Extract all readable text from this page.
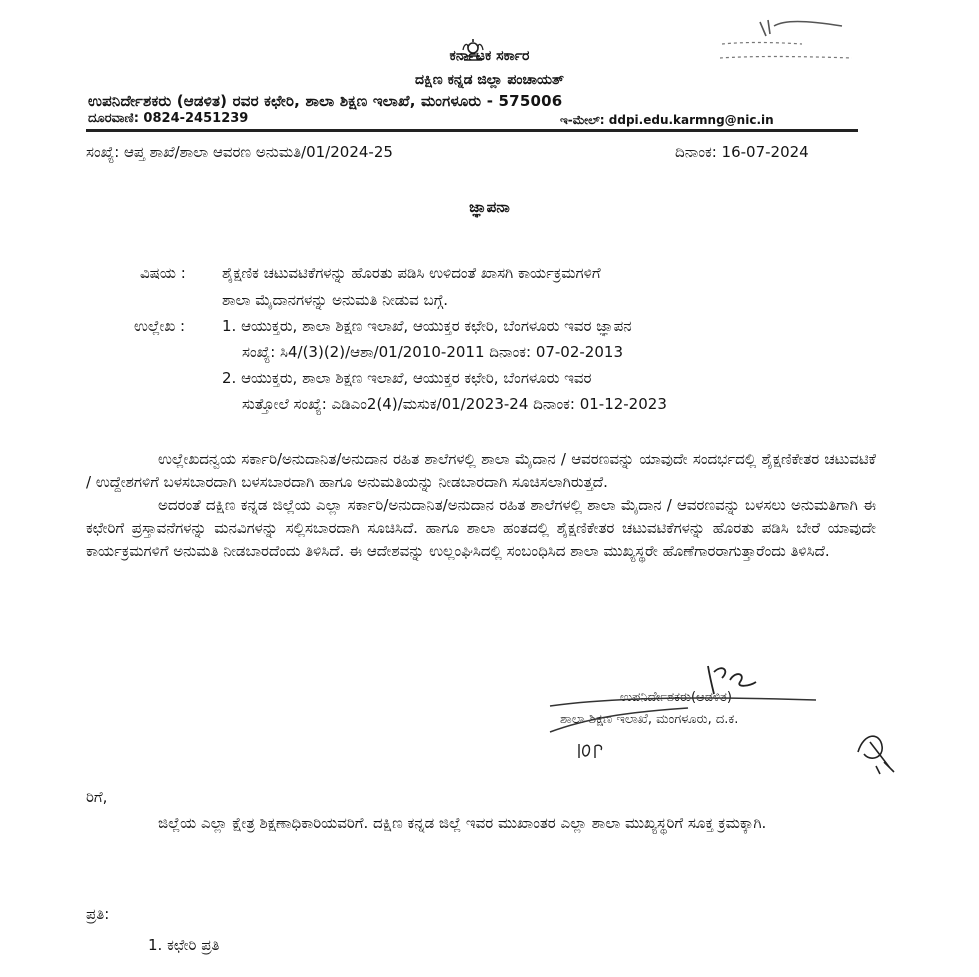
ಕರ್ನಾಟಕ ಸರ್ಕಾರ
ದಕ್ಷಿಣ ಕನ್ನಡ ಜಿಲ್ಲಾ ಪಂಚಾಯತ್
ಉಪನಿರ್ದೇಶಕರು (ಆಡಳಿತ) ರವರ ಕಛೇರಿ, ಶಾಲಾ ಶಿಕ್ಷಣ ಇಲಾಖೆ, ಮಂಗಳೂರು - 575006
ದೂರವಾಣಿ: 0824-2451239	ಇ-ಮೇಲ್: ddpi.edu.karmng@nic.in
ಸಂಖ್ಯೆ: ಆಪ್ತ ಶಾಖೆ/ಶಾಲಾ ಆವರಣ ಅನುಮತಿ/01/2024-25	ದಿನಾಂಕ: 16-07-2024
ಜ್ಞಾಪನಾ
ವಿಷಯ : ಶೈಕ್ಷಣಿಕ ಚಟುವಟಿಕೆಗಳನ್ನು ಹೊರತು ಪಡಿಸಿ ಉಳಿದಂತೆ ಖಾಸಗಿ ಕಾರ್ಯಕ್ರಮಗಳಿಗೆ
ಶಾಲಾ ಮೈದಾನಗಳನ್ನು ಅನುಮತಿ ನೀಡುವ ಬಗ್ಗೆ.
ಉಲ್ಲೇಖ : 1. ಆಯುಕ್ತರು, ಶಾಲಾ ಶಿಕ್ಷಣ ಇಲಾಖೆ, ಆಯುಕ್ತರ ಕಛೇರಿ, ಬೆಂಗಳೂರು ಇವರ ಜ್ಞಾಪನ
ಸಂಖ್ಯೆ: ಸಿ4/(3)(2)/ಆಶಾ/01/2010-2011 ದಿನಾಂಕ: 07-02-2013
2. ಆಯುಕ್ತರು, ಶಾಲಾ ಶಿಕ್ಷಣ ಇಲಾಖೆ, ಆಯುಕ್ತರ ಕಛೇರಿ, ಬೆಂಗಳೂರು ಇವರ
ಸುತ್ತೋಲೆ ಸಂಖ್ಯೆ: ಎಡಿಎಂ2(4)/ಮಸುಕ/01/2023-24 ದಿನಾಂಕ: 01-12-2023

ಉಲ್ಲೇಖದನ್ವಯ ಸರ್ಕಾರಿ/ಅನುದಾನಿತ/ಅನುದಾನ ರಹಿತ ಶಾಲೆಗಳಲ್ಲಿ ಶಾಲಾ ಮೈದಾನ / ಆವರಣವನ್ನು ಯಾವುದೇ ಸಂದರ್ಭದಲ್ಲಿ ಶೈಕ್ಷಣಿಕೇತರ ಚಟುವಟಿಕೆ / ಉದ್ದೇಶಗಳಿಗೆ ಬಳಸಬಾರದಾಗಿ ಬಳಸಬಾರದಾಗಿ ಹಾಗೂ ಅನುಮತಿಯನ್ನು ನೀಡಬಾರದಾಗಿ ಸೂಚಿಸಲಾಗಿರುತ್ತದೆ.

ಅದರಂತೆ ದಕ್ಷಿಣ ಕನ್ನಡ ಜಿಲ್ಲೆಯ ಎಲ್ಲಾ ಸರ್ಕಾರಿ/ಅನುದಾನಿತ/ಅನುದಾನ ರಹಿತ ಶಾಲೆಗಳಲ್ಲಿ ಶಾಲಾ ಮೈದಾನ / ಆವರಣವನ್ನು ಬಳಸಲು ಅನುಮತಿಗಾಗಿ ಈ ಕಛೇರಿಗೆ ಪ್ರಸ್ತಾವನೆಗಳನ್ನು ಮನವಿಗಳನ್ನು ಸಲ್ಲಿಸಬಾರದಾಗಿ ಸೂಚಿಸಿದೆ. ಹಾಗೂ ಶಾಲಾ ಹಂತದಲ್ಲಿ ಶೈಕ್ಷಣಿಕೇತರ ಚಟುವಟಿಕೆಗಳನ್ನು ಹೊರತು ಪಡಿಸಿ ಬೇರೆ ಯಾವುದೇ ಕಾರ್ಯಕ್ರಮಗಳಿಗೆ ಅನುಮತಿ ನೀಡಬಾರದೆಂದು ತಿಳಿಸಿದೆ. ಈ ಆದೇಶವನ್ನು ಉಲ್ಲಂಘಿಸಿದಲ್ಲಿ ಸಂಬಂಧಿಸಿದ ಶಾಲಾ ಮುಖ್ಯಸ್ಥರೇ ಹೊಣೆಗಾರರಾಗುತ್ತಾರೆಂದು ತಿಳಿಸಿದೆ.

ಉಪನಿರ್ದೇಶಕರು(ಆಡಳಿತ)
ಶಾಲಾ ಶಿಕ್ಷಣ ಇಲಾಖೆ, ಮಂಗಳೂರು, ದ.ಕ.
ರಿಗೆ,

ಜಿಲ್ಲೆಯ ಎಲ್ಲಾ ಕ್ಷೇತ್ರ ಶಿಕ್ಷಣಾಧಿಕಾರಿಯವರಿಗೆ. ದಕ್ಷಿಣ ಕನ್ನಡ ಜಿಲ್ಲೆ ಇವರ ಮುಖಾಂತರ ಎಲ್ಲಾ ಶಾಲಾ ಮುಖ್ಯಸ್ಥರಿಗೆ ಸೂಕ್ತ ಕ್ರಮಕ್ಕಾಗಿ.

ಪ್ರತಿ:
1. ಕಛೇರಿ ಪ್ರತಿ
